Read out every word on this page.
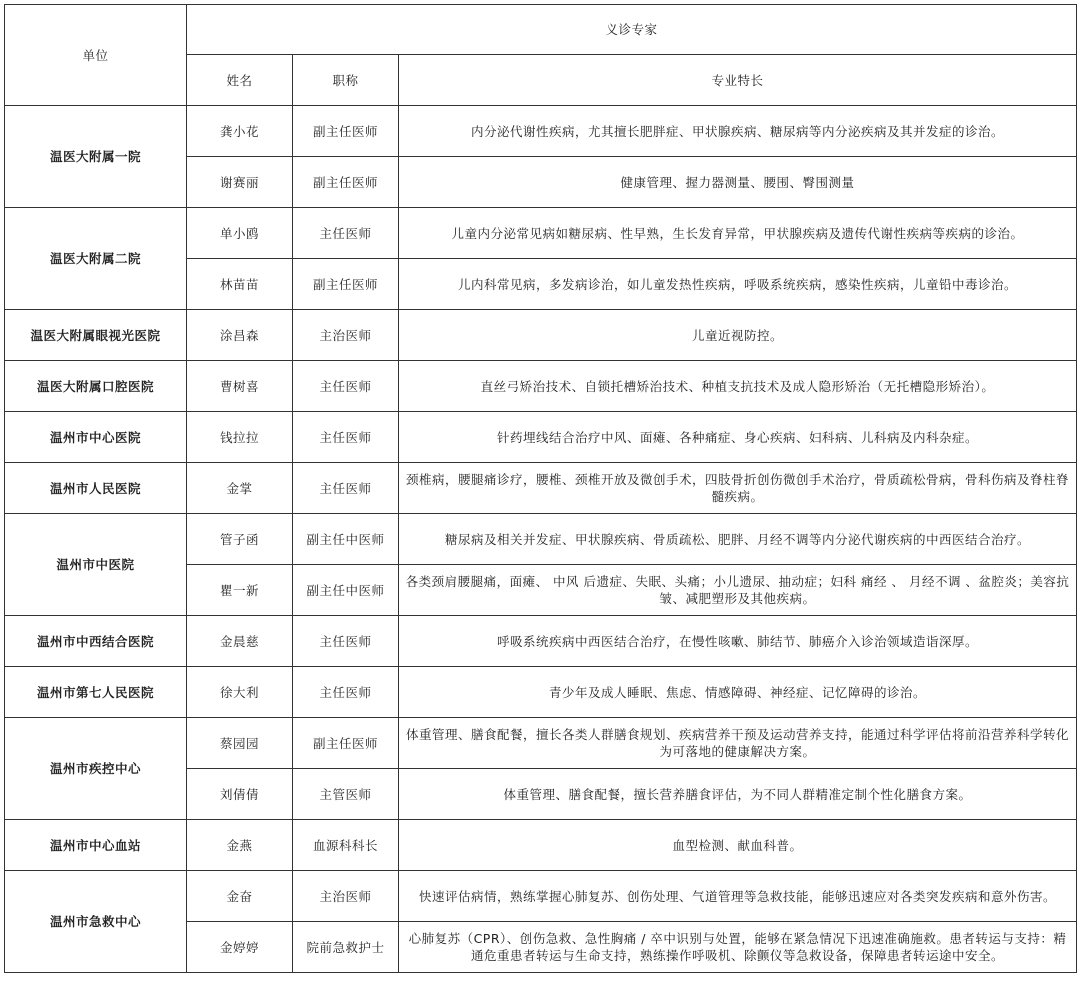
单位	义诊专家		
	姓名	职称	专业特长
温医大附属一院	龚小花	副主任医师	内分泌代谢性疾病，尤其擅长肥胖症、甲状腺疾病、糖尿病等内分泌疾病及其并发症的诊治。
	谢赛丽	副主任医师	健康管理、握力器测量、腰围、臀围测量
温医大附属二院	单小鸥	主任医师	儿童内分泌常见病如糖尿病、性早熟，生长发育异常，甲状腺疾病及遗传代谢性疾病等疾病的诊治。
	林苗苗	副主任医师	儿内科常见病，多发病诊治，如儿童发热性疾病，呼吸系统疾病，感染性疾病，儿童铅中毒诊治。
温医大附属眼视光医院	涂昌森	主治医师	儿童近视防控。
温医大附属口腔医院	曹树喜	主任医师	直丝弓矫治技术、自锁托槽矫治技术、种植支抗技术及成人隐形矫治（无托槽隐形矫治）。
温州市中心医院	钱拉拉	主任医师	针药埋线结合治疗中风、面瘫、各种痛症、身心疾病、妇科病、儿科病及内科杂症。
温州市人民医院	金掌	主任医师	颈椎病，腰腿痛诊疗，腰椎、颈椎开放及微创手术，四肢骨折创伤微创手术治疗，骨质疏松骨病，骨科伤病及脊柱脊髓疾病。
温州市中医院	管子函	副主任中医师	糖尿病及相关并发症、甲状腺疾病、骨质疏松、肥胖、月经不调等内分泌代谢疾病的中西医结合治疗。
	瞿一新	副主任中医师	各类颈肩腰腿痛，面瘫、 中风 后遗症、失眠、头痛；小儿遗尿、抽动症；妇科 痛经 、 月经不调 、盆腔炎；美容抗皱、减肥塑形及其他疾病。
温州市中西结合医院	金晨慈	主任医师	呼吸系统疾病中西医结合治疗，在慢性咳嗽、肺结节、肺癌介入诊治领域造诣深厚。
温州市第七人民医院	徐大利	主任医师	青少年及成人睡眠、焦虑、情感障碍、神经症、记忆障碍的诊治。
温州市疾控中心	蔡园园	副主任医师	体重管理、膳食配餐，擅长各类人群膳食规划、疾病营养干预及运动营养支持，能通过科学评估将前沿营养科学转化为可落地的健康解决方案。
	刘倩倩	主管医师	体重管理、膳食配餐，擅长营养膳食评估，为不同人群精准定制个性化膳食方案。
温州市中心血站	金燕	血源科科长	血型检测、献血科普。
温州市急救中心	金奋	主治医师	快速评估病情，熟练掌握心肺复苏、创伤处理、气道管理等急救技能，能够迅速应对各类突发疾病和意外伤害。
	金婷婷	院前急救护士	心肺复苏（CPR）、创伤急救、急性胸痛 / 卒中识别与处置，能够在紧急情况下迅速准确施救。患者转运与支持：精通危重患者转运与生命支持，熟练操作呼吸机、除颤仪等急救设备，保障患者转运途中安全。
